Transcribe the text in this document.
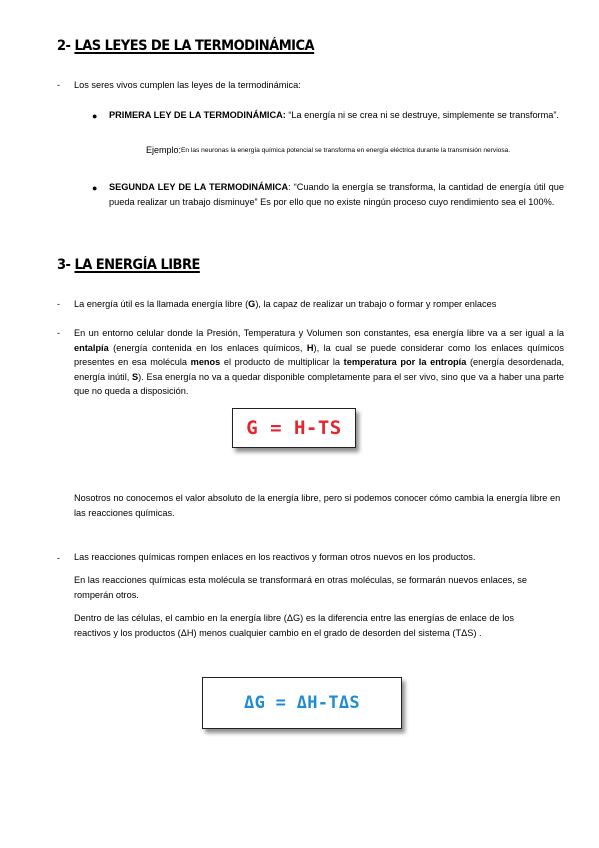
2- LAS LEYES DE LA TERMODINÁMICA
- Los seres vivos cumplen las leyes de la termodinámica:
● PRIMERA LEY DE LA TERMODINÁMICA: “La energía ni se crea ni se destruye, simplemente se transforma”.
Ejemplo: En las neuronas la energía química potencial se transforma en energía eléctrica durante la transmisión nerviosa.
● SEGUNDA LEY DE LA TERMODINÁMICA: “Cuando la energía se transforma, la cantidad de energía útil que pueda realizar un trabajo disminuye” Es por ello que no existe ningún proceso cuyo rendimiento sea el 100%.
3- LA ENERGÍA LIBRE
- La energía útil es la llamada energía libre (G), la capaz de realizar un trabajo o formar y romper enlaces
- En un entorno celular donde la Presión, Temperatura y Volumen son constantes, esa energía libre va a ser igual a la entalpía (energía contenida en los enlaces químicos, H), la cual se puede considerar como los enlaces químicos presentes en esa molécula menos el producto de multiplicar la temperatura por la entropía (energía desordenada, energía inútil, S). Esa energía no va a quedar disponible completamente para el ser vivo, sino que va a haber una parte que no queda a disposición.
G = H-TS
Nosotros no conocemos el valor absoluto de la energía libre, pero si podemos conocer cómo cambia la energía libre en las reacciones químicas.
- Las reacciones químicas rompen enlaces en los reactivos y forman otros nuevos en los productos.
En las reacciones químicas esta molécula se transformará en otras moléculas, se formarán nuevos enlaces, se romperán otros.
Dentro de las células, el cambio en la energía libre (ΔG) es la diferencia entre las energías de enlace de los reactivos y los productos (ΔH) menos cualquier cambio en el grado de desorden del sistema (TΔS) .
ΔG = ΔH-TΔS
